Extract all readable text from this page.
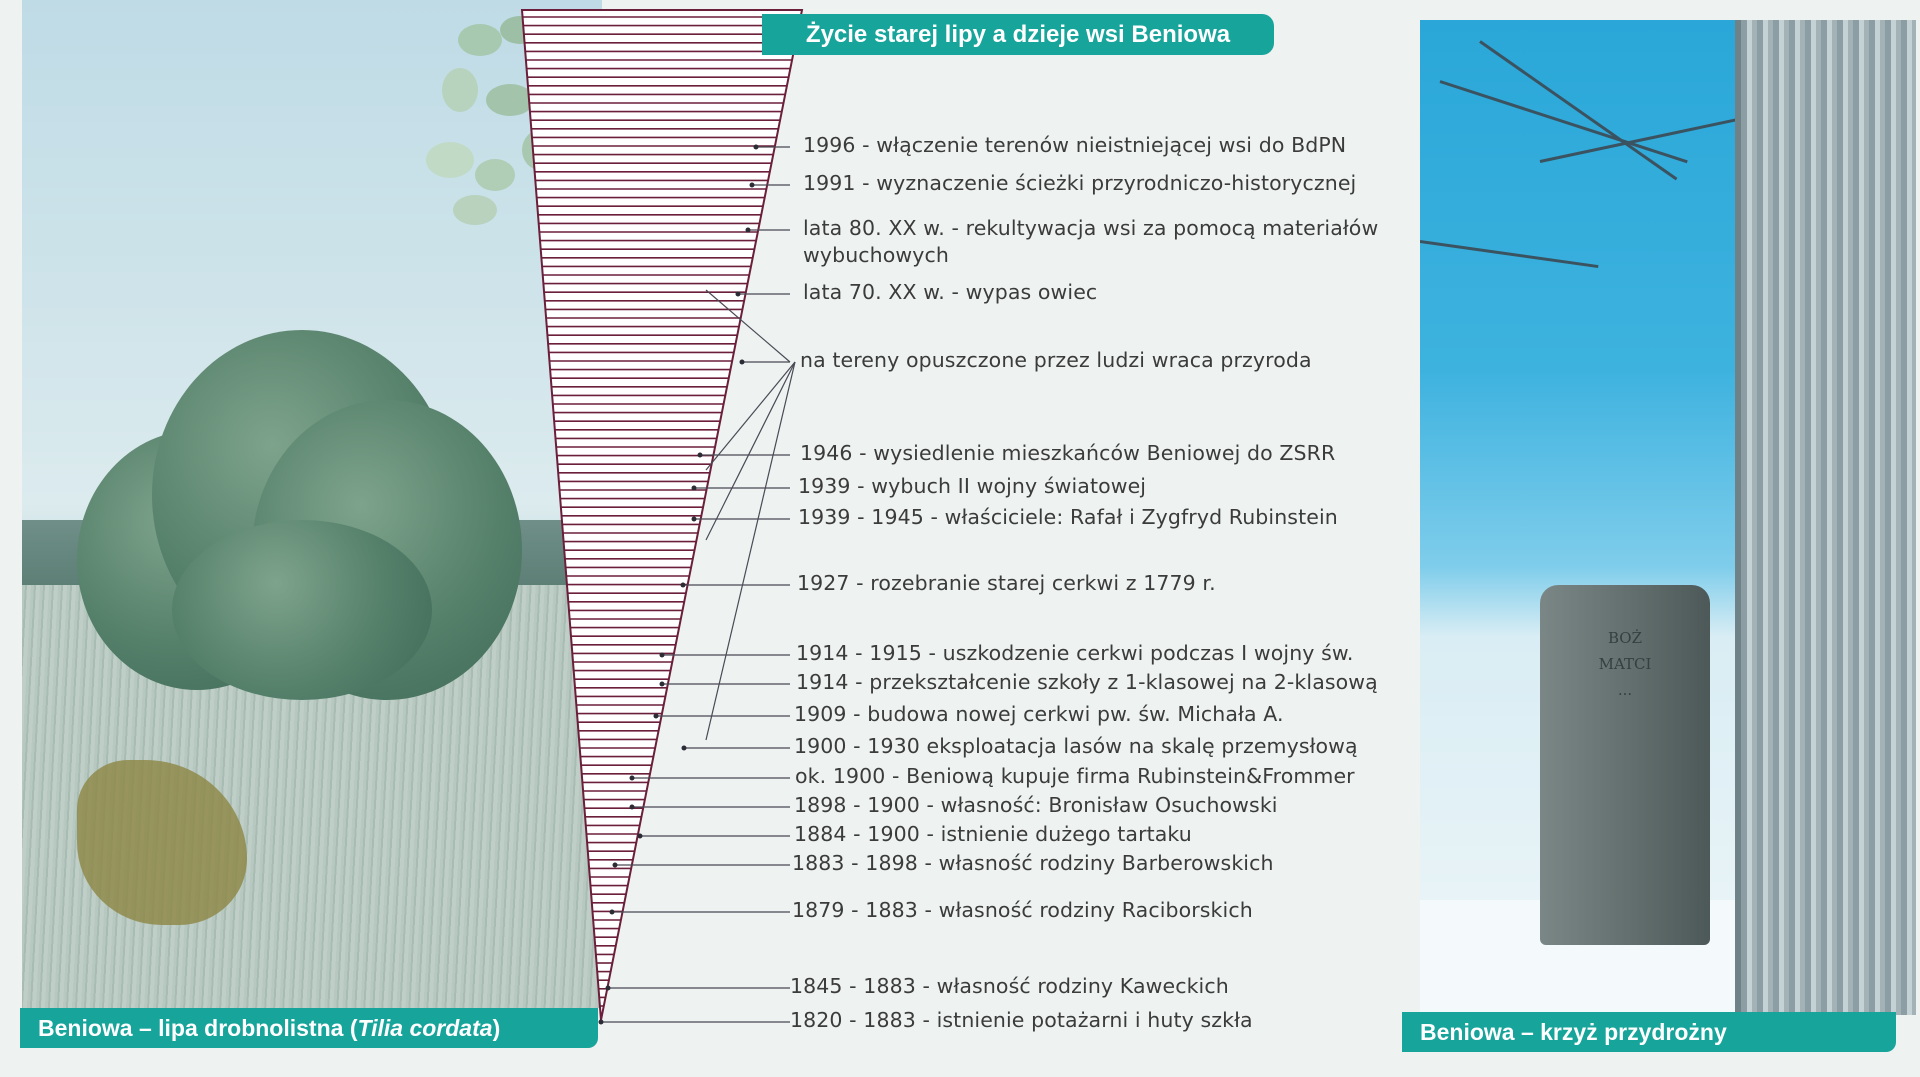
Życie starej lipy a dzieje wsi Beniowa
1996 - włączenie terenów nieistniejącej wsi do BdPN
1991 - wyznaczenie ścieżki przyrodniczo-historycznej
lata 80. XX w. - rekultywacja wsi za pomocą materiałów wybuchowych
lata 70. XX w. - wypas owiec
na tereny opuszczone przez ludzi wraca przyroda
1946 - wysiedlenie mieszkańców Beniowej do ZSRR
1939 - wybuch II wojny światowej
1939 - 1945 - właściciele: Rafał i Zygfryd Rubinstein
1927 - rozebranie starej cerkwi z 1779 r.
1914 - 1915 - uszkodzenie cerkwi podczas I wojny św.
1914 - przekształcenie szkoły z 1-klasowej na 2-klasową
1909 - budowa nowej cerkwi pw. św. Michała A.
1900 - 1930 eksploatacja lasów na skalę przemysłową
ok. 1900 - Beniową kupuje firma Rubinstein&Frommer
1898 - 1900 - własność: Bronisław Osuchowski
1884 - 1900 - istnienie dużego tartaku
1883 - 1898 - własność rodziny Barberowskich
1879 - 1883 - własność rodziny Raciborskich
1845 - 1883 - własność rodziny Kaweckich
1820 - 1883 - istnienie potażarni i huty szkła
BOŻ
MATCI
...
Beniowa – lipa drobnolistna ( Tilia cordata )	Beniowa – krzyż przydrożny
